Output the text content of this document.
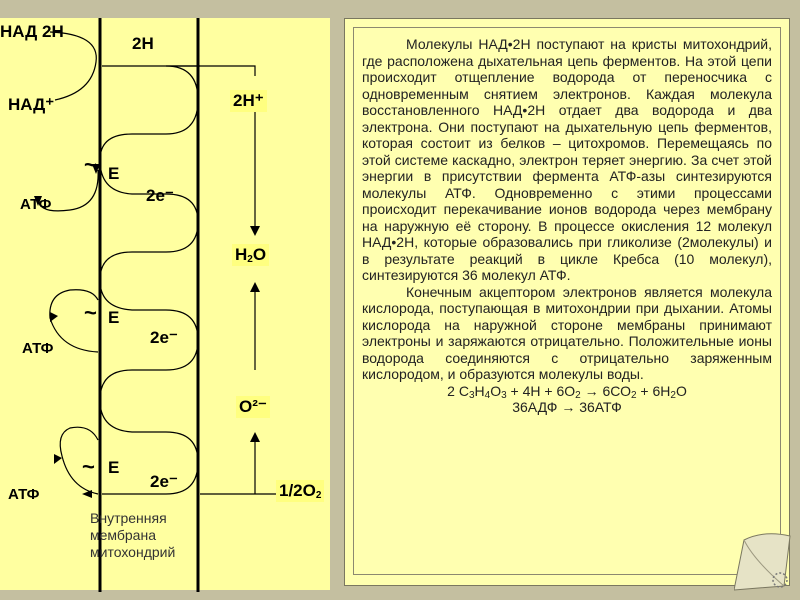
НАД 2Н
НАД⁺
2Н
2Н⁺
~
~
~
Е
Е
Е
АТФ
АТФ
АТФ
2e⁻
2e⁻
2e⁻
$Н_2О$
О²⁻
$1/2О_2$
Внутренняя
мембрана
митохондрий

Молекулы НАД•2Н поступают на кристы митохондрий, где расположена дыхательная цепь ферментов. На этой цепи происходит отщепление водорода от переносчика с одновременным снятием электронов. Каждая молекула восстановленного НАД•2Н отдает два водорода и два электрона. Они поступают на дыхательную цепь ферментов, которая состоит из белков – цитохромов. Перемещаясь по этой системе каскадно, электрон теряет энергию. За счет этой энергии в присутствии фермента АТФ-азы синтезируются молекулы АТФ. Одновременно с этими процессами происходит перекачивание ионов водорода через мембрану на наружную её сторону. В процессе окисления 12 молекул НАД•2Н, которые образовались при гликолизе (2молекулы) и в результате реакций в цикле Кребса (10 молекул), синтезируются 36 молекул АТФ.

Конечным акцептором электронов является молекула кислорода, поступающая в митохондрии при дыхании. Атомы кислорода на наружной стороне мембраны принимают электроны и заряжаются отрицательно. Положительные ионы водорода соединяются с отрицательно заряженным кислородом, и образуются молекулы воды.

2 $С_3Н_4О_3 + 4Н + 6О_2 \to 6СО_2 + 6Н_2О$

36АДФ → 36АТФ
